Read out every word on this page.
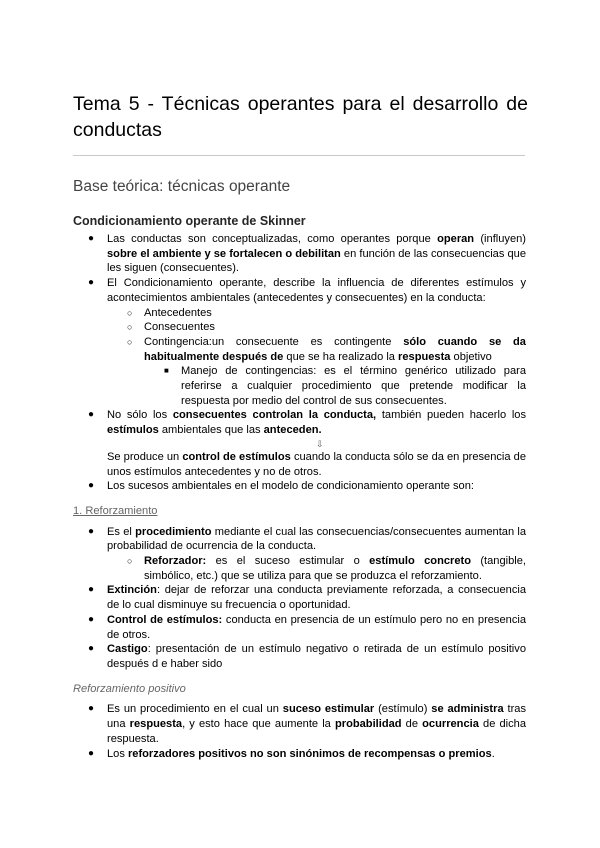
Tema 5 - Técnicas operantes para el desarrollo de conductas
Base teórica: técnicas operante
Condicionamiento operante de Skinner
● Las conductas son conceptualizadas, como operantes porque operan (influyen) sobre el ambiente y se fortalecen o debilitan en función de las consecuencias que les siguen (consecuentes).
● El Condicionamiento operante, describe la influencia de diferentes estímulos y acontecimientos ambientales (antecedentes y consecuentes) en la conducta:
○ Antecedentes
○ Consecuentes
○ Contingencia:un consecuente es contingente sólo cuando se da habitualmente después de que se ha realizado la respuesta objetivo
■ Manejo de contingencias: es el término genérico utilizado para referirse a cualquier procedimiento que pretende modificar la respuesta por medio del control de sus consecuentes.
● No sólo los consecuentes controlan la conducta, también pueden hacerlo los estímulos ambientales que las anteceden.
⇩
Se produce un control de estímulos cuando la conducta sólo se da en presencia de unos estímulos antecedentes y no de otros.
● Los sucesos ambientales en el modelo de condicionamiento operante son:
1. Reforzamiento
● Es el procedimiento mediante el cual las consecuencias/consecuentes aumentan la probabilidad de ocurrencia de la conducta.
○ Reforzador: es el suceso estimular o estímulo concreto (tangible, simbólico, etc.) que se utiliza para que se produzca el reforzamiento.
● Extinción: dejar de reforzar una conducta previamente reforzada, a consecuencia de lo cual disminuye su frecuencia o oportunidad.
● Control de estímulos: conducta en presencia de un estímulo pero no en presencia de otros.
● Castigo: presentación de un estímulo negativo o retirada de un estímulo positivo después d e haber sido
Reforzamiento positivo
● Es un procedimiento en el cual un suceso estimular (estímulo) se administra tras una respuesta, y esto hace que aumente la probabilidad de ocurrencia de dicha respuesta.
● Los reforzadores positivos no son sinónimos de recompensas o premios.
